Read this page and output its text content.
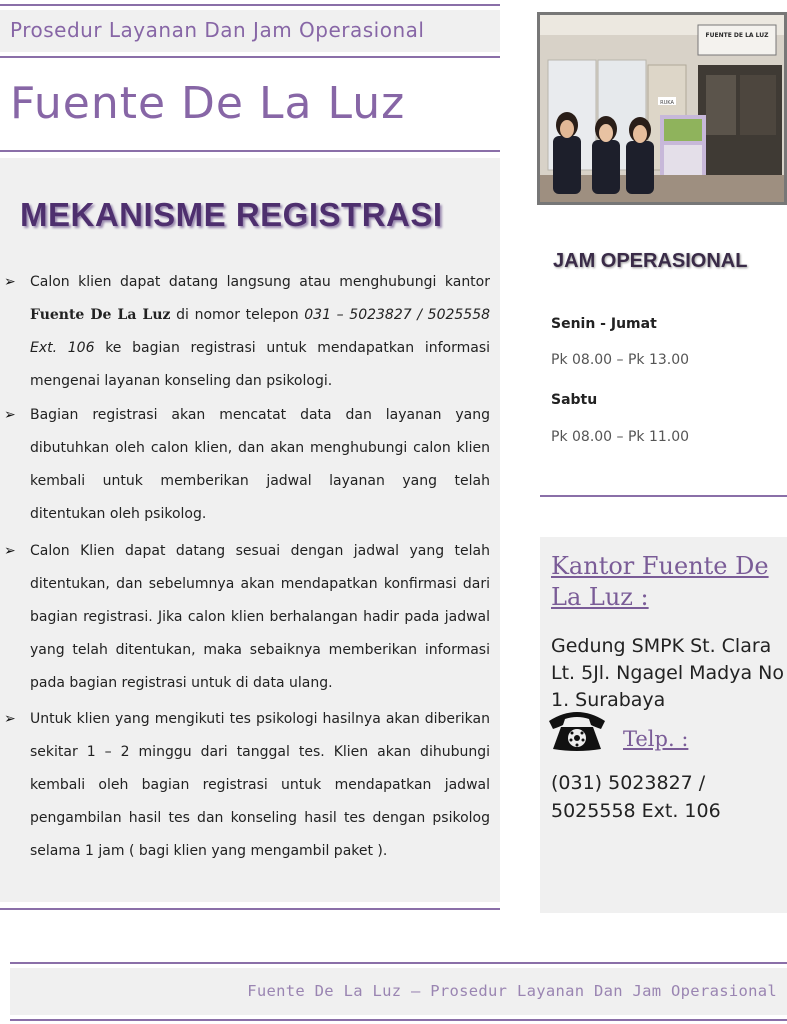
Prosedur Layanan Dan Jam Operasional
Fuente De La Luz
MEKANISME REGISTRASI
➢ Calon klien dapat datang langsung atau menghubungi kantor Fuente De La Luz di nomor telepon 031 – 5023827 / 5025558 Ext. 106 ke bagian registrasi untuk mendapatkan informasi mengenai layanan konseling dan psikologi.

➢ Bagian registrasi akan mencatat data dan layanan yang dibutuhkan oleh calon klien, dan akan menghubungi calon klien kembali untuk memberikan jadwal layanan yang telah ditentukan oleh psikolog.

➢ Calon Klien dapat datang sesuai dengan jadwal yang telah ditentukan, dan sebelumnya akan mendapatkan konfirmasi dari bagian registrasi. Jika calon klien berhalangan hadir pada jadwal yang telah ditentukan, maka sebaiknya memberikan informasi pada bagian registrasi untuk di data ulang.

➢ Untuk klien yang mengikuti tes psikologi hasilnya akan diberikan sekitar 1 – 2 minggu dari tanggal tes. Klien akan dihubungi kembali oleh bagian registrasi untuk mendapatkan jadwal pengambilan hasil tes dan konseling hasil tes dengan psikolog selama 1 jam ( bagi klien yang mengambil paket ).

RUKA
FUENTE DE LA LUZ
JAM OPERASIONAL
Senin - Jumat
Pk 08.00 – Pk 13.00
Sabtu
Pk 08.00 – Pk 11.00
Kantor Fuente De La Luz :
Gedung SMPK St. Clara Lt. 5Jl. Ngagel Madya No 1. Surabaya
Telp. :
(031) 5023827 / 5025558 Ext. 106
Fuente De La Luz – Prosedur Layanan Dan Jam Operasional
